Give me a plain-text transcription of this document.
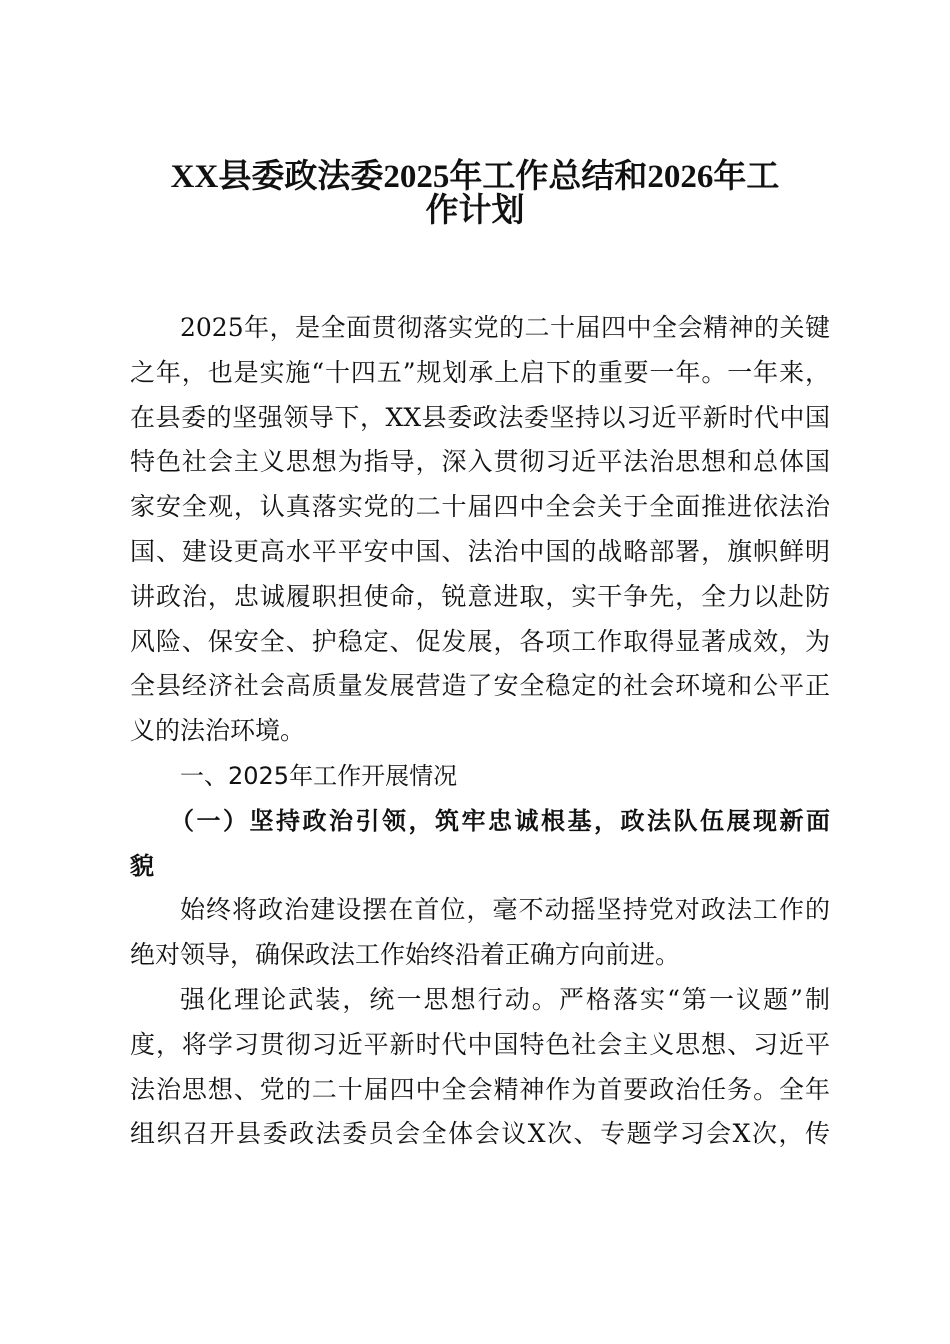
XX县委政法委2025年工作总结和2026年工
作计划
2025年，是全面贯彻落实党的二十届四中全会精神的关键
之年，也是实施“十四五”规划承上启下的重要一年。一年来，
在县委的坚强领导下，XX县委政法委坚持以习近平新时代中国
特色社会主义思想为指导，深入贯彻习近平法治思想和总体国
家安全观，认真落实党的二十届四中全会关于全面推进依法治
国、建设更高水平平安中国、法治中国的战略部署，旗帜鲜明
讲政治，忠诚履职担使命，锐意进取，实干争先，全力以赴防
风险、保安全、护稳定、促发展，各项工作取得显著成效，为
全县经济社会高质量发展营造了安全稳定的社会环境和公平正
义的法治环境。
一、2025年工作开展情况
（一）坚持政治引领，筑牢忠诚根基，政法队伍展现新面
貌
始终将政治建设摆在首位，毫不动摇坚持党对政法工作的
绝对领导，确保政法工作始终沿着正确方向前进。
强化理论武装，统一思想行动。严格落实“第一议题”制
度，将学习贯彻习近平新时代中国特色社会主义思想、习近平
法治思想、党的二十届四中全会精神作为首要政治任务。全年
组织召开县委政法委员会全体会议X次、专题学习会X次，传
